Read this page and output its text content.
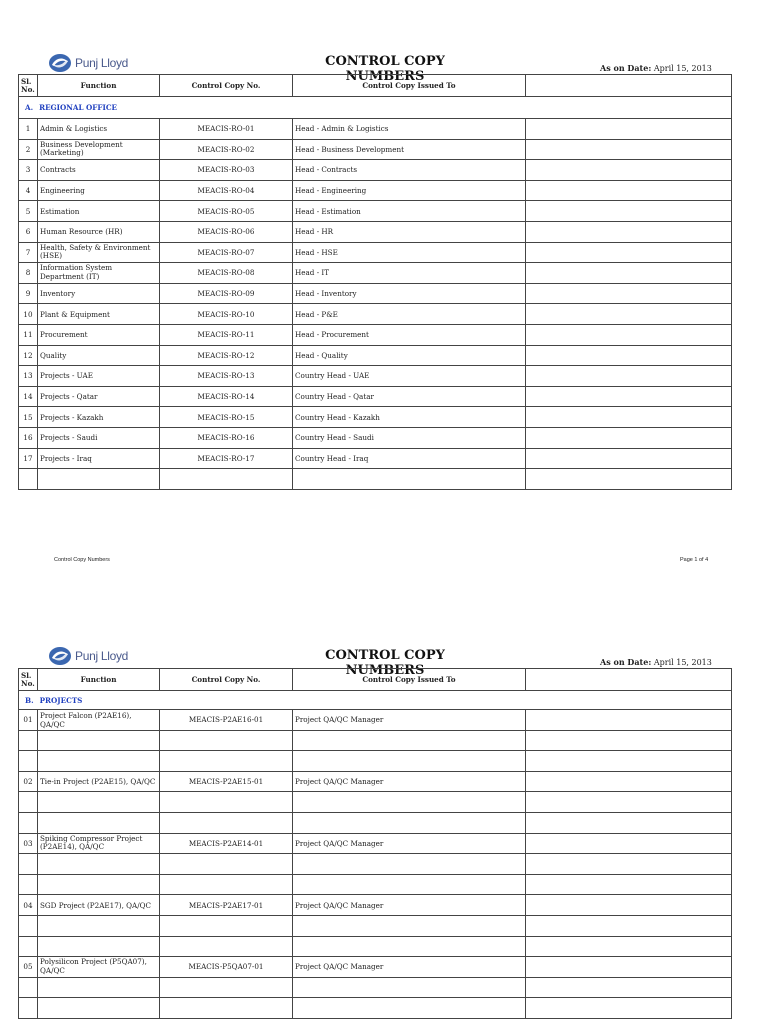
Punj Lloyd	CONTROL COPY NUMBERS
As on Date: April 15, 2013
Sl. No.	Function	Control Copy No.	Control Copy Issued To	
A. REGIONAL OFFICE				
1	Admin & Logistics	MEACIS-RO-01	Head - Admin & Logistics	
2	Business Development (Marketing)	MEACIS-RO-02	Head - Business Development	
3	Contracts	MEACIS-RO-03	Head - Contracts	
4	Engineering	MEACIS-RO-04	Head - Engineering	
5	Estimation	MEACIS-RO-05	Head - Estimation	
6	Human Resource (HR)	MEACIS-RO-06	Head - HR	
7	Health, Safety & Environment (HSE)	MEACIS-RO-07	Head - HSE	
8	Information System Department (IT)	MEACIS-RO-08	Head - IT	
9	Inventory	MEACIS-RO-09	Head - Inventory	
10	Plant & Equipment	MEACIS-RO-10	Head - P&E	
11	Procurement	MEACIS-RO-11	Head - Procurement	
12	Quality	MEACIS-RO-12	Head - Quality	
13	Projects - UAE	MEACIS-RO-13	Country Head - UAE	
14	Projects - Qatar	MEACIS-RO-14	Country Head - Qatar	
15	Projects - Kazakh	MEACIS-RO-15	Country Head - Kazakh	
16	Projects - Saudi	MEACIS-RO-16	Country Head - Saudi	
17	Projects - Iraq	MEACIS-RO-17	Country Head - Iraq	

Control Copy Numbers	Page 1 of 4
Punj Lloyd	CONTROL COPY NUMBERS
As on Date: April 15, 2013
Sl. No.	Function	Control Copy No.	Control Copy Issued To	
B. PROJECTS				
01	Project Falcon (P2AE16), QA/QC	MEACIS-P2AE16-01	Project QA/QC Manager	

02	Tie-in Project (P2AE15), QA/QC	MEACIS-P2AE15-01	Project QA/QC Manager	

03	Spiking Compressor Project (P2AE14), QA/QC	MEACIS-P2AE14-01	Project QA/QC Manager	

04	SGD Project (P2AE17), QA/QC	MEACIS-P2AE17-01	Project QA/QC Manager	

05	Polysilicon Project (P5QA07), QA/QC	MEACIS-P5QA07-01	Project QA/QC Manager	
